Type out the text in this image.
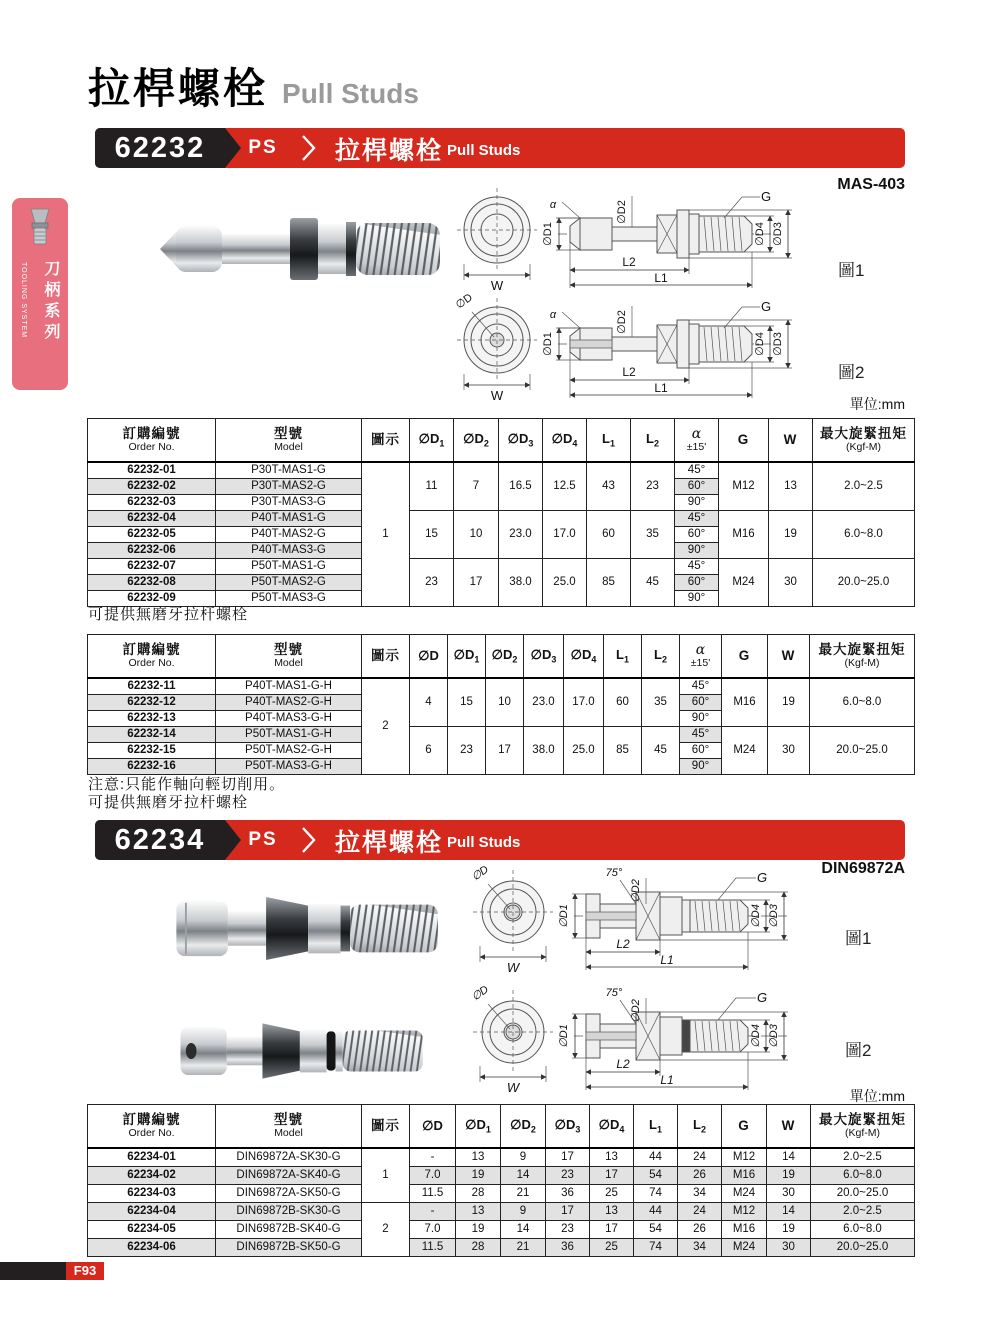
拉桿螺栓 Pull Studs
刀柄系列
TOOLING SYSTEM
62232	PS	拉桿螺栓 Pull Studs
MAS-403
W
α	∅D2
∅D1
G
∅D4 ∅D3
L2
L1
∅D
W
α	∅D2
∅D1
G
∅D4 ∅D3
L2
L1
圖1
圖2
單位:mm
訂購編號
Order No.

型號
Model

圖示	$\emptyset D_1$	$\emptyset D_2$	$\emptyset D_3$	$\emptyset D_4$	$L_1$	$L_2$	
α
±15'

G	W	最大旋緊扭矩
(Kgf-M)

62232-01	P30T-MAS1-G	1	11	7	16.5	12.5	43	23	45°	M12	13	2.0~2.5
62232-02	P30T-MAS2-G								60°			
62232-03	P30T-MAS3-G								90°			
62232-04	P40T-MAS1-G		15	10	23.0	17.0	60	35	45°	M16	19	6.0~8.0
62232-05	P40T-MAS2-G								60°			
62232-06	P40T-MAS3-G								90°			
62232-07	P50T-MAS1-G		23	17	38.0	25.0	85	45	45°	M24	30	20.0~25.0
62232-08	P50T-MAS2-G								60°			
62232-09	P50T-MAS3-G								90°			
可提供無磨牙拉杆螺栓
訂購編號
Order No.

型號
Model

圖示	∅D	$\emptyset D_1$	$\emptyset D_2$	$\emptyset D_3$	$\emptyset D_4$	$L_1$	$L_2$	
α
±15'

G	W	最大旋緊扭矩
(Kgf-M)

62232-11	P40T-MAS1-G-H	2	4	15	10	23.0	17.0	60	35	45°	M16	19	6.0~8.0
62232-12	P40T-MAS2-G-H									60°			
62232-13	P40T-MAS3-G-H									90°			
62232-14	P50T-MAS1-G-H		6	23	17	38.0	25.0	85	45	45°	M24	30	20.0~25.0
62232-15	P50T-MAS2-G-H									60°			
62232-16	P50T-MAS3-G-H									90°			
注意:只能作軸向輕切削用。
可提供無磨牙拉杆螺栓
62234	PS	拉桿螺栓 Pull Studs
DIN69872A
∅D
W
75°
∅D2
∅D1
G
∅D4 ∅D3
L2
L1
∅D
W
75°
∅D2
∅D1
G
∅D4 ∅D3
L2
L1
圖1
圖2
單位:mm
訂購編號
Order No.

型號
Model

圖示	∅D	$\emptyset D_1$	$\emptyset D_2$	$\emptyset D_3$	$\emptyset D_4$	$L_1$	$L_2$	G	W	最大旋緊扭矩
(Kgf-M)

62234-01	DIN69872A-SK30-G	1	-	13	9	17	13	44	24	M12	14	2.0~2.5
62234-02	DIN69872A-SK40-G		7.0	19	14	23	17	54	26	M16	19	6.0~8.0
62234-03	DIN69872A-SK50-G		11.5	28	21	36	25	74	34	M24	30	20.0~25.0
62234-04	DIN69872B-SK30-G	2	-	13	9	17	13	44	24	M12	14	2.0~2.5
62234-05	DIN69872B-SK40-G		7.0	19	14	23	17	54	26	M16	19	6.0~8.0
62234-06	DIN69872B-SK50-G		11.5	28	21	36	25	74	34	M24	30	20.0~25.0
F93
